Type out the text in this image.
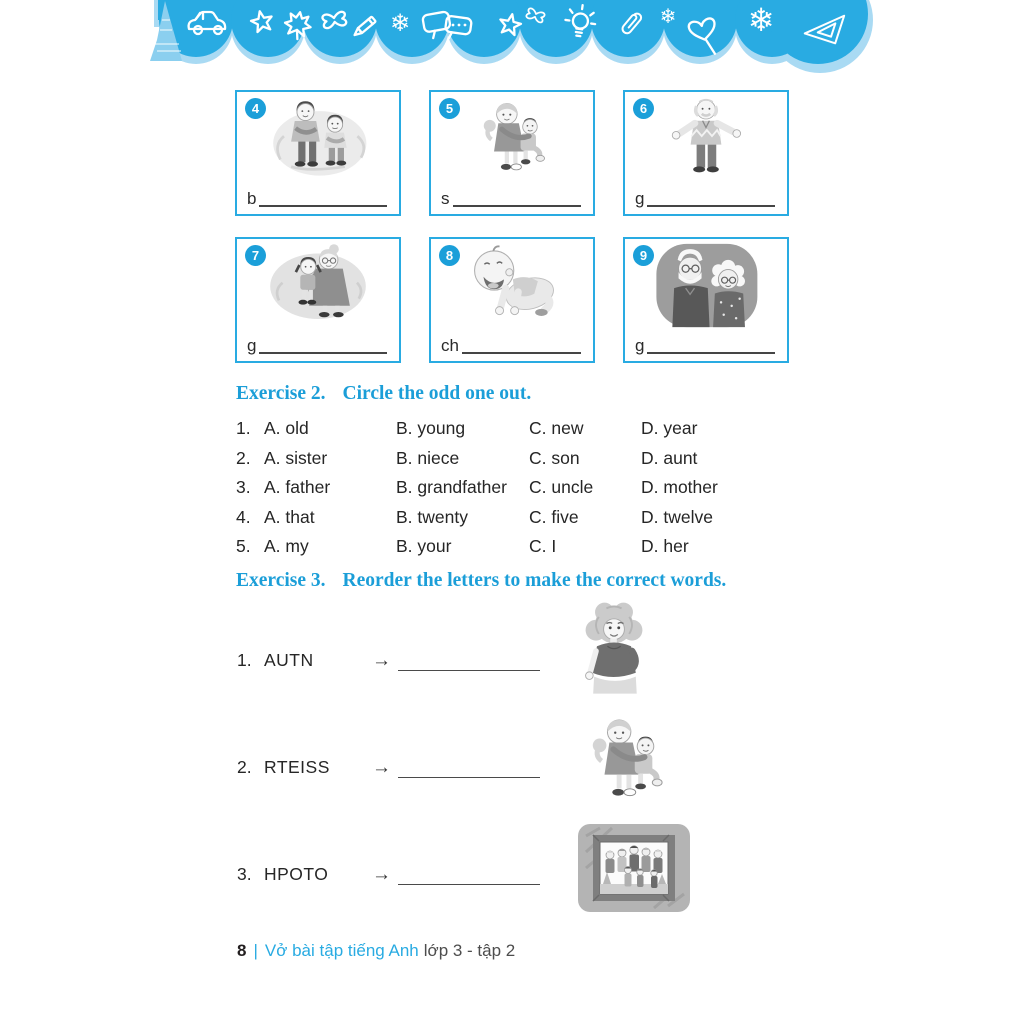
❄	❄ ❄
4
b
5
s
6
g
7
g
8
ch
9
g
Exercise 2. Circle the odd one out.
1. A. old	B. young	C. new	D. year
2. A. sister	B. niece	C. son	D. aunt
3. A. father	B. grandfather	C. uncle	D. mother
4. A. that	B. twenty	C. five	D. twelve
5. A. my	B. your	C. I	D. her
Exercise 3. Reorder the letters to make the correct words.
1. AUTN	→
2. RTEISS	→
3. HPOTO	→
8 | Vở bài tập tiếng Anh lớp 3 - tập 2
